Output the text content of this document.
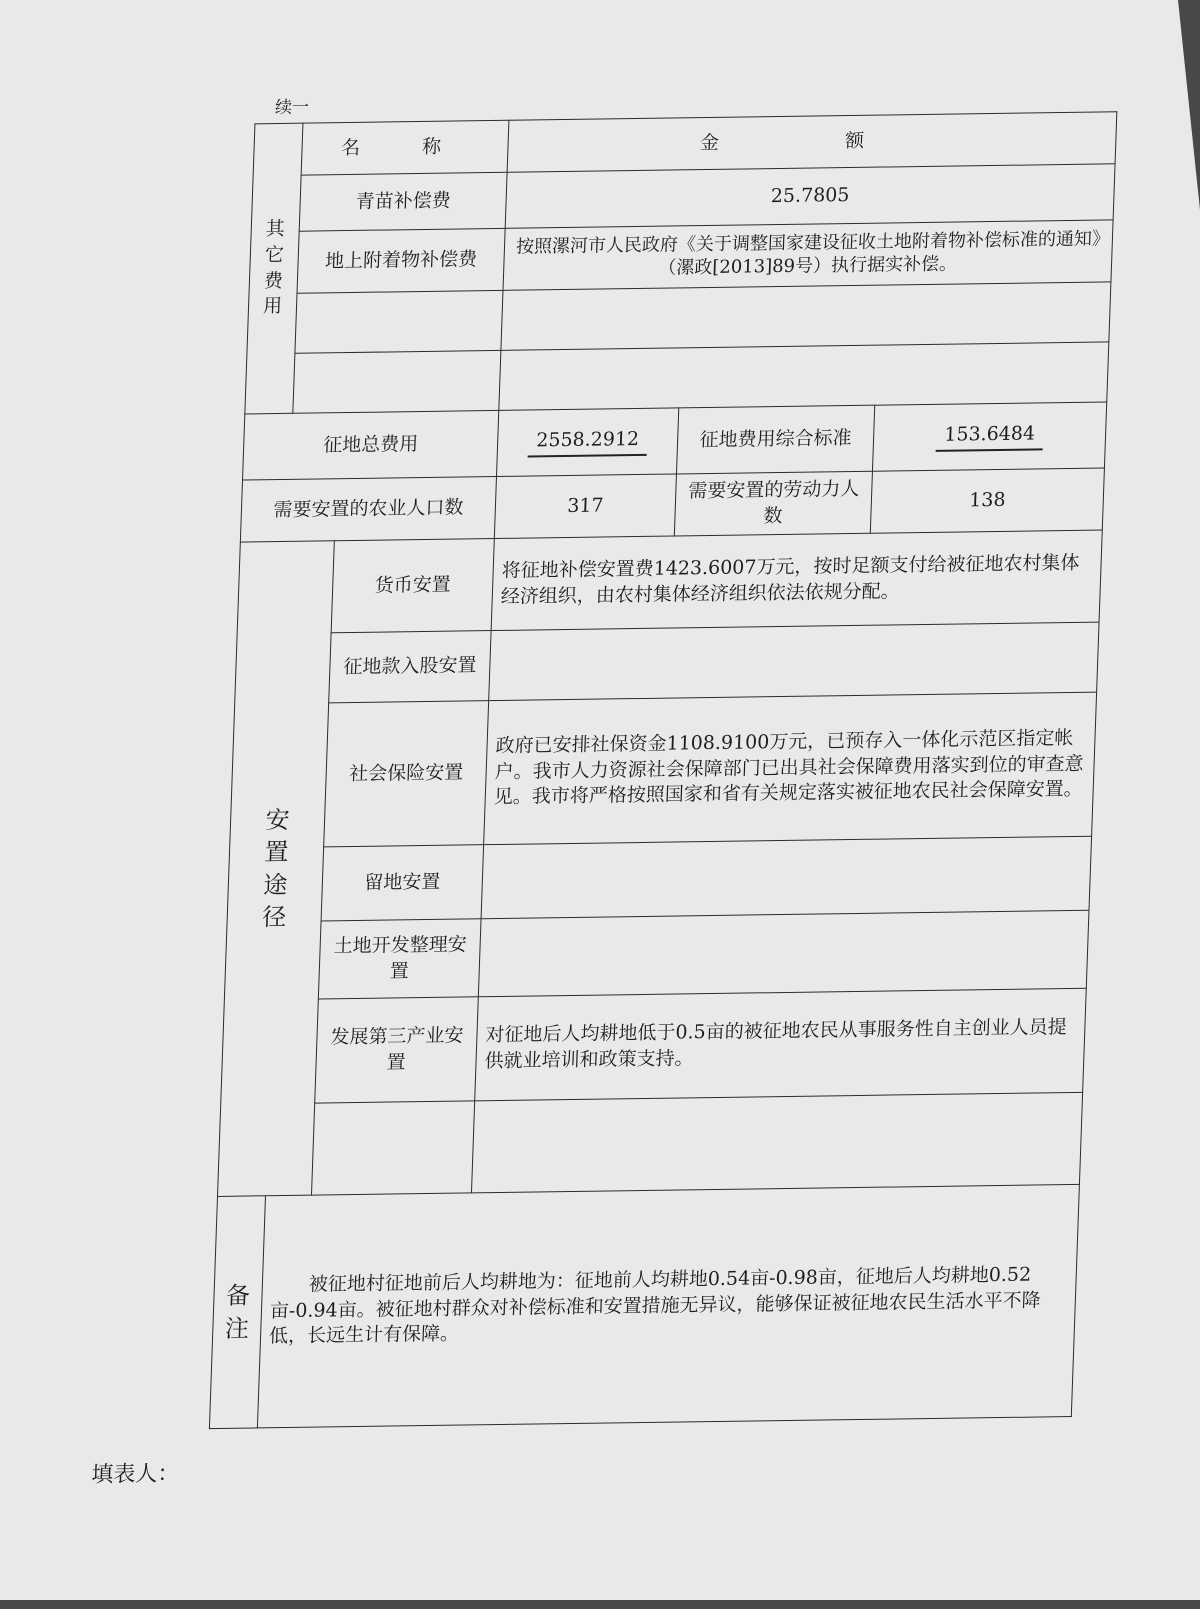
续一
其
它
费
用	名 称		金 额		
	青苗补偿费		25.7805		
	地上附着物补偿费		按照漯河市人民政府《关于调整国家建设征收土地附着物补偿标准的通知》（漯政[2013]89号）执行据实补偿。		

征地总费用			2558.2912	征地费用综合标准	153.6484
需要安置的农业人口数			317	需要安置的劳动力人数	138

安
置
途
径		货币安置	将征地补偿安置费1423.6007万元，按时足额支付给被征地农村集体经济组织，由农村集体经济组织依法依规分配。		
		征地款入股安置			
		社会保险安置	政府已安排社保资金1108.9100万元，已预存入一体化示范区指定帐户。我市人力资源社会保障部门已出具社会保障费用落实到位的审查意见。我市将严格按照国家和省有关规定落实被征地农民社会保障安置。		
		留地安置			
		土地开发整理安置			
		发展第三产业安置	对征地后人均耕地低于0.5亩的被征地农民从事服务性自主创业人员提供就业培训和政策支持。		

备
注	被征地村征地前后人均耕地为：征地前人均耕地0.54亩-0.98亩，征地后人均耕地0.52亩-0.94亩。被征地村群众对补偿标准和安置措施无异议，能够保证被征地农民生活水平不降低，长远生计有保障。				
填表人：
